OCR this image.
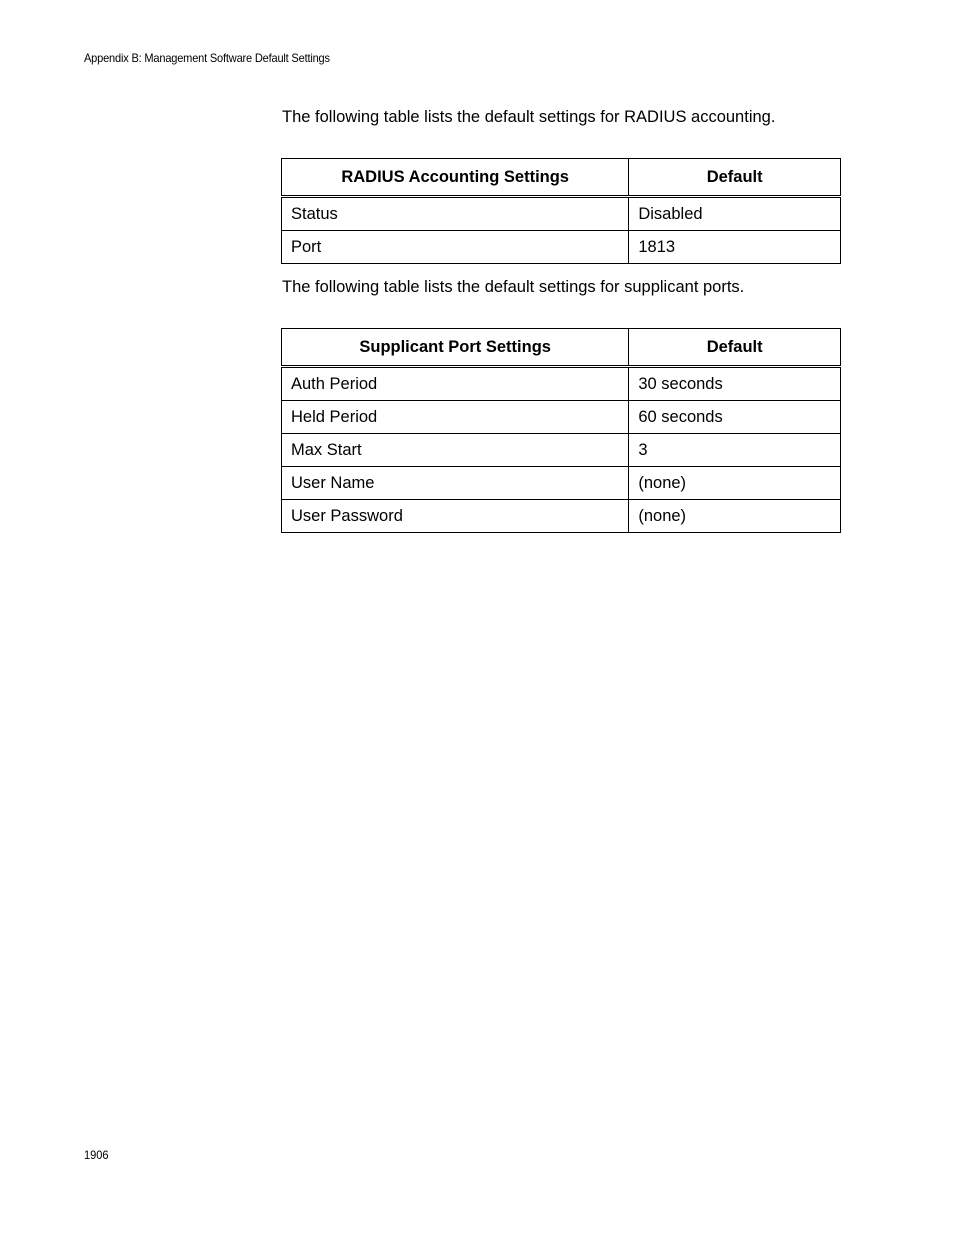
Appendix B: Management Software Default Settings

The following table lists the default settings for RADIUS accounting.

RADIUS Accounting Settings	Default
Status	Disabled
Port	1813

The following table lists the default settings for supplicant ports.

Supplicant Port Settings	Default
Auth Period	30 seconds
Held Period	60 seconds
Max Start	3
User Name	(none)
User Password	(none)
1906
